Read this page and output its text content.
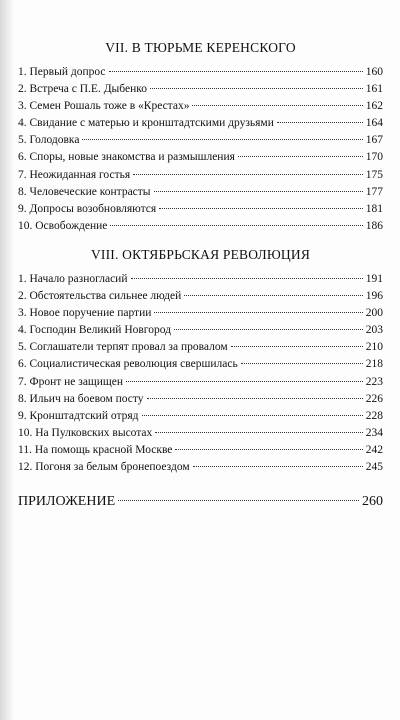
VII. В ТЮРЬМЕ КЕРЕНСКОГО
1. Первый допрос	160
2. Встреча с П.Е. Дыбенко	161
3. Семен Рошаль тоже в «Крестах»	162
4. Свидание с матерью и кронштадтскими друзьями	164
5. Голодовка	167
6. Споры, новые знакомства и размышления	170
7. Неожиданная гостья	175
8. Человеческие контрасты	177
9. Допросы возобновляются	181
10. Освобождение	186
VIII. ОКТЯБРЬСКАЯ РЕВОЛЮЦИЯ
1. Начало разногласий	191
2. Обстоятельства сильнее людей	196
3. Новое поручение партии	200
4. Господин Великий Новгород	203
5. Соглашатели терпят провал за провалом	210
6. Социалистическая революция свершилась	218
7. Фронт не защищен	223
8. Ильич на боевом посту	226
9. Кронштадтский отряд	228
10. На Пулковских высотах	234
11. На помощь красной Москве	242
12. Погоня за белым бронепоездом	245
ПРИЛОЖЕНИЕ	260
